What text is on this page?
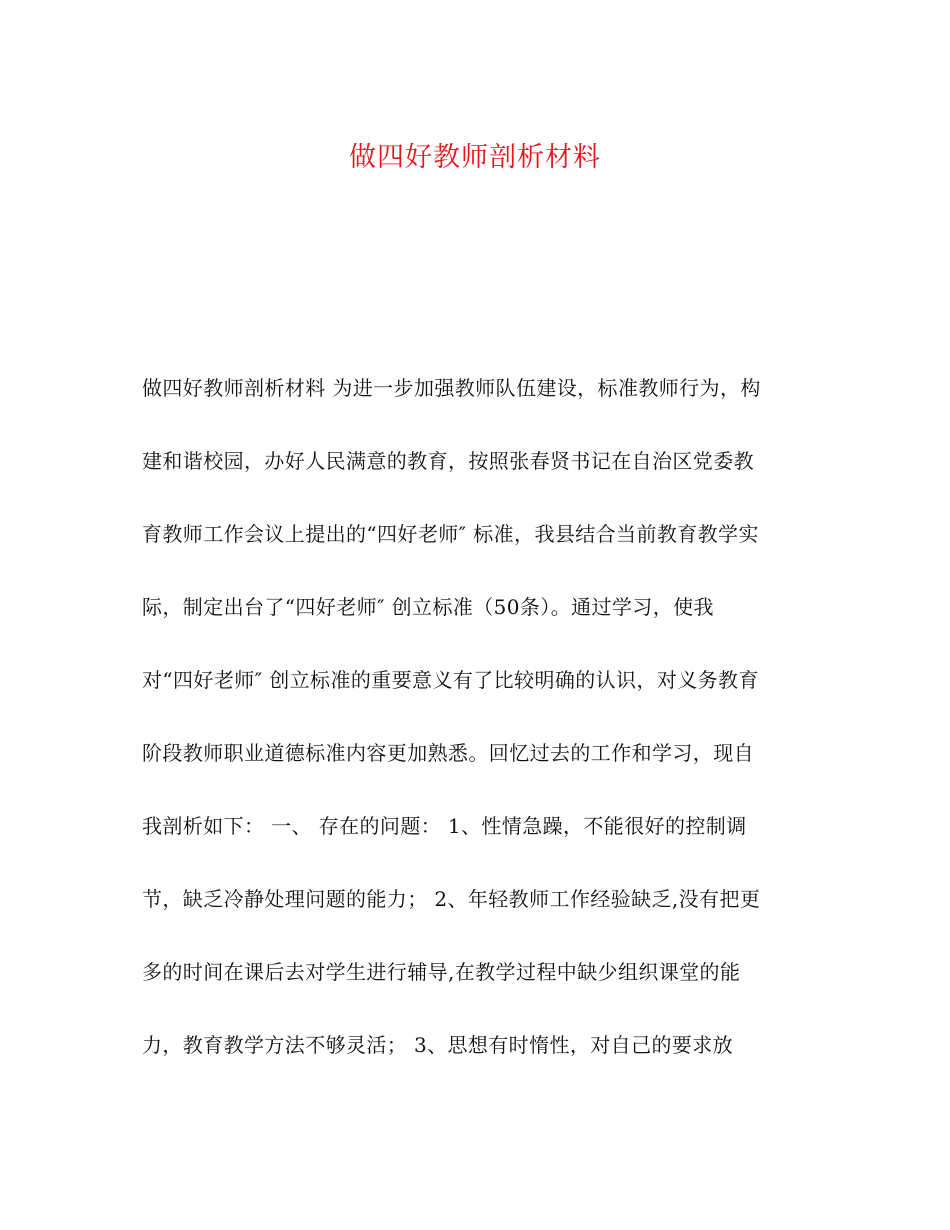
做四好教师剖析材料
做四好教师剖析材料 为进一步加强教师队伍建设，标准教师行为，构
建和谐校园，办好人民满意的教育，按照张春贤书记在自治区党委教
育教师工作会议上提出的“四好老师″ 标准，我县结合当前教育教学实
际，制定出台了“四好老师″ 创立标准（50条）。通过学习，使我
对“四好老师″ 创立标准的重要意义有了比较明确的认识，对义务教育
阶段教师职业道德标准内容更加熟悉。回忆过去的工作和学习，现自
我剖析如下： 一、 存在的问题： 1、性情急躁，不能很好的控制调
节，缺乏冷静处理问题的能力； 2、年轻教师工作经验缺乏,没有把更
多的时间在课后去对学生进行辅导,在教学过程中缺少组织课堂的能
力，教育教学方法不够灵活； 3、思想有时惰性，对自己的要求放
